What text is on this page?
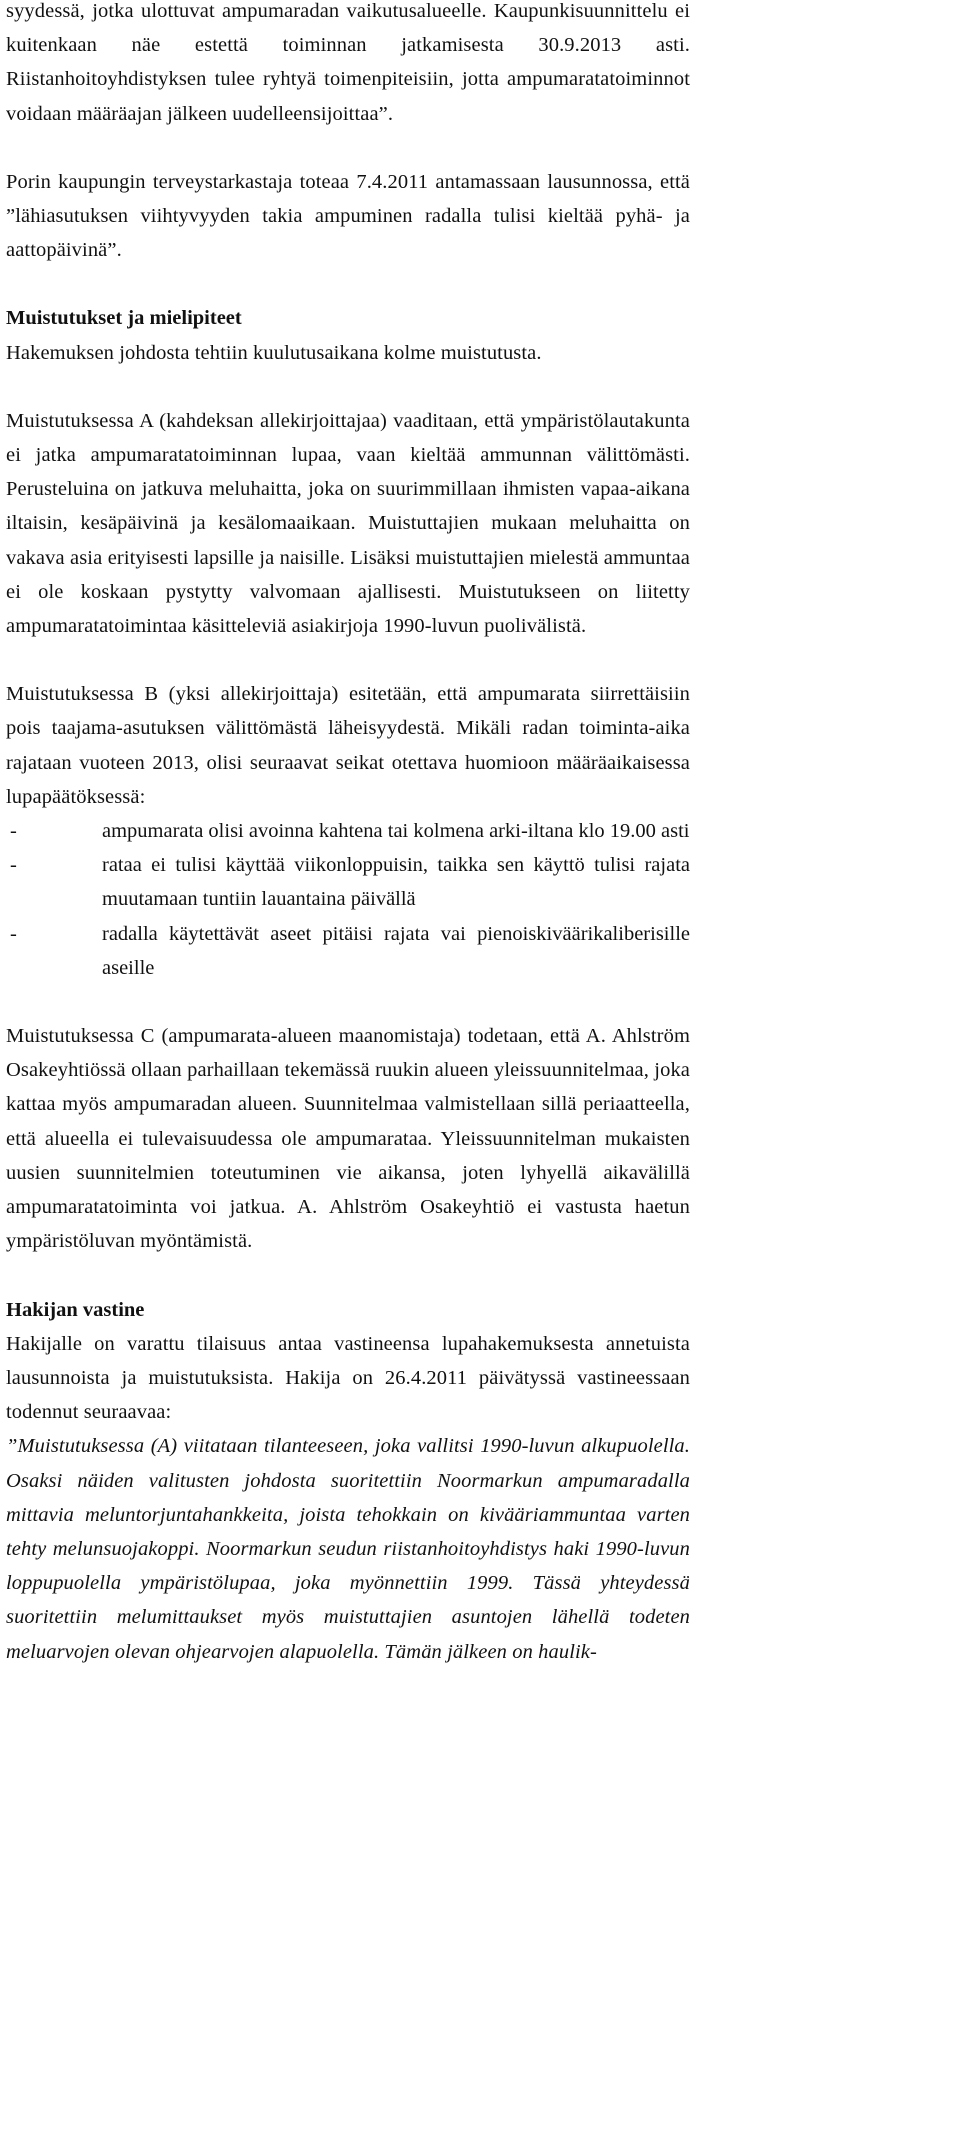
syydessä, jotka ulottuvat ampumaradan vaikutusalueelle. Kaupunkisuunnittelu ei kuitenkaan näe estettä toiminnan jatkamisesta 30.9.2013 asti. Riistanhoitoyhdistyksen tulee ryhtyä toimenpiteisiin, jotta ampumaratatoiminnot voidaan määräajan jälkeen uudelleensijoittaa”.

Porin kaupungin terveystarkastaja toteaa 7.4.2011 antamassaan lausunnossa, että ”lähiasutuksen viihtyvyyden takia ampuminen radalla tulisi kieltää pyhä- ja aattopäivinä”.

Muistutukset ja mielipiteet

Hakemuksen johdosta tehtiin kuulutusaikana kolme muistutusta.

Muistutuksessa A (kahdeksan allekirjoittajaa) vaaditaan, että ympäristölautakunta ei jatka ampumaratatoiminnan lupaa, vaan kieltää ammunnan välittömästi. Perusteluina on jatkuva meluhaitta, joka on suurimmillaan ihmisten vapaa-aikana iltaisin, kesäpäivinä ja kesälomaaikaan. Muistuttajien mukaan meluhaitta on vakava asia erityisesti lapsille ja naisille. Lisäksi muistuttajien mielestä ammuntaa ei ole koskaan pystytty valvomaan ajallisesti. Muistutukseen on liitetty ampumaratatoimintaa käsitteleviä asiakirjoja 1990-luvun puolivälistä.

Muistutuksessa B (yksi allekirjoittaja) esitetään, että ampumarata siirrettäisiin pois taajama-asutuksen välittömästä läheisyydestä. Mikäli radan toiminta-aika rajataan vuoteen 2013, olisi seuraavat seikat otettava huomioon määräaikaisessa lupapäätöksessä:

-	ampumarata olisi avoinna kahtena tai kolmena arki-iltana klo 19.00 asti
-	rataa ei tulisi käyttää viikonloppuisin, taikka sen käyttö tulisi rajata muutamaan tuntiin lauantaina päivällä
-	radalla käytettävät aseet pitäisi rajata vai pienoiskiväärikaliberisille aseille

Muistutuksessa C (ampumarata-alueen maanomistaja) todetaan, että A. Ahlström Osakeyhtiössä ollaan parhaillaan tekemässä ruukin alueen yleissuunnitelmaa, joka kattaa myös ampumaradan alueen. Suunnitelmaa valmistellaan sillä periaatteella, että alueella ei tulevaisuudessa ole ampumarataa. Yleissuunnitelman mukaisten uusien suunnitelmien toteutuminen vie aikansa, joten lyhyellä aikavälillä ampumaratatoiminta voi jatkua. A. Ahlström Osakeyhtiö ei vastusta haetun ympäristöluvan myöntämistä.

Hakijan vastine

Hakijalle on varattu tilaisuus antaa vastineensa lupahakemuksesta annetuista lausunnoista ja muistutuksista. Hakija on 26.4.2011 päivätyssä vastineessaan todennut seuraavaa:

”Muistutuksessa (A) viitataan tilanteeseen, joka vallitsi 1990-luvun alkupuolella. Osaksi näiden valitusten johdosta suoritettiin Noormarkun ampumaradalla mittavia meluntorjuntahankkeita, joista tehokkain on kivääriammuntaa varten tehty melunsuojakoppi. Noormarkun seudun riistanhoitoyhdistys haki 1990-luvun loppupuolella ympäristölupaa, joka myönnettiin 1999. Tässä yhteydessä suoritettiin melumittaukset myös muistuttajien asuntojen lähellä todeten meluarvojen olevan ohjearvojen alapuolella. Tämän jälkeen on haulik-
